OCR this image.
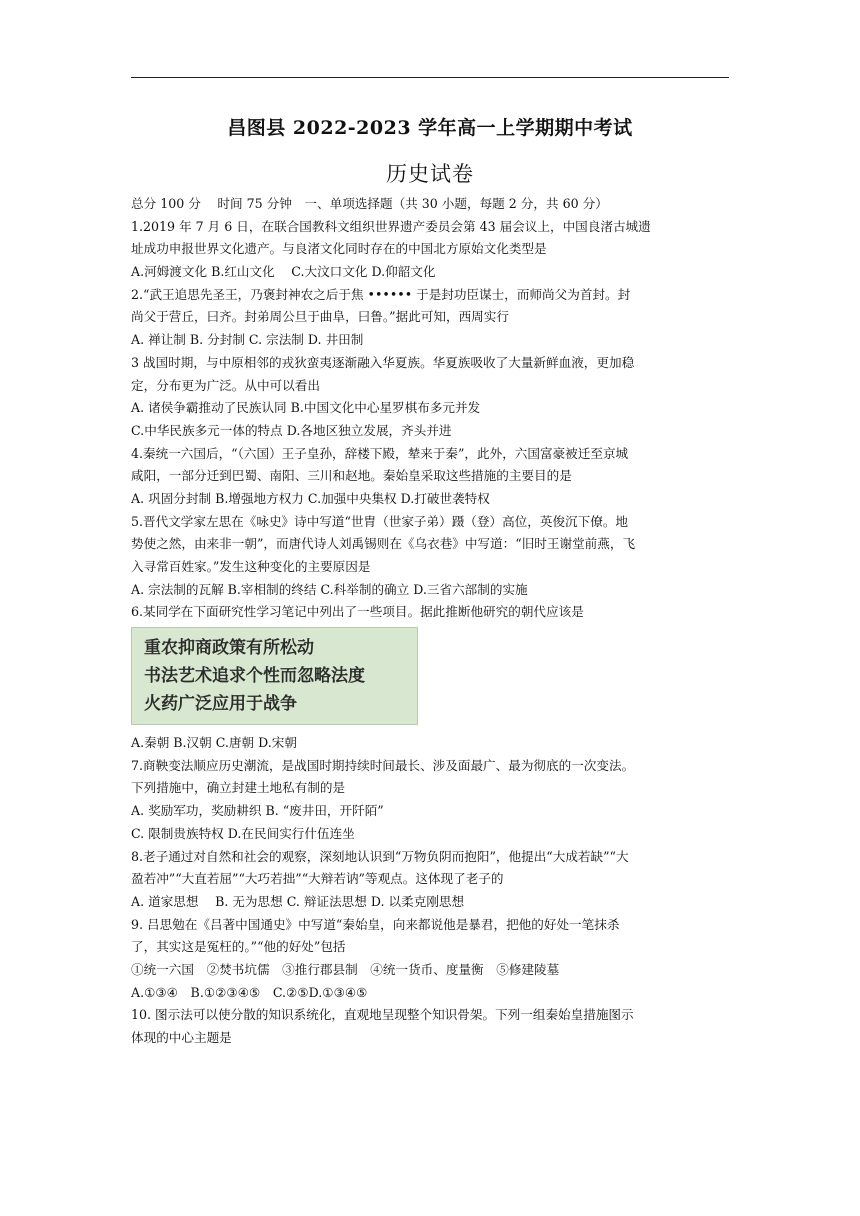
昌图县 2022-2023 学年高一上学期期中考试
历史试卷
总分 100 分　 时间 75 分钟　一、单项选择题（共 30 小题，每题 2 分，共 60 分）
1.2019 年 7 月 6 日，在联合国教科文组织世界遗产委员会第 43 届会议上，中国良渚古城遗
址成功申报世界文化遗产。与良渚文化同时存在的中国北方原始文化类型是
A.河姆渡文化 B.红山文化　 C.大汶口文化 D.仰韶文化
2.“武王追思先圣王，乃褒封神农之后于焦 •••••• 于是封功臣谋士，而师尚父为首封。封
尚父于营丘，曰齐。封弟周公旦于曲阜，曰鲁。”据此可知，西周实行
A. 禅让制 B. 分封制 C. 宗法制 D. 井田制
3 战国时期，与中原相邻的戎狄蛮夷逐渐融入华夏族。华夏族吸收了大量新鲜血液，更加稳
定，分布更为广泛。从中可以看出
A. 诸侯争霸推动了民族认同 B.中国文化中心星罗棋布多元并发
C.中华民族多元一体的特点 D.各地区独立发展，齐头并进
4.秦统一六国后，“（六国）王子皇孙，辞楼下殿，辇来于秦”，此外，六国富豪被迁至京城
咸阳，一部分迁到巴蜀、南阳、三川和赵地。秦始皇采取这些措施的主要目的是
A. 巩固分封制 B.增强地方权力 C.加强中央集权 D.打破世袭特权
5.晋代文学家左思在《咏史》诗中写道“世胄（世家子弟）蹑（登）高位，英俊沉下僚。地
势使之然，由来非一朝”，而唐代诗人刘禹锡则在《乌衣巷》中写道：“旧时王谢堂前燕，飞
入寻常百姓家。”发生这种变化的主要原因是
A. 宗法制的瓦解 B.宰相制的终结 C.科举制的确立 D.三省六部制的实施
6.某同学在下面研究性学习笔记中列出了一些项目。据此推断他研究的朝代应该是
重农抑商政策有所松动
书法艺术追求个性而忽略法度
火药广泛应用于战争
A.秦朝 B.汉朝 C.唐朝 D.宋朝
7.商鞅变法顺应历史潮流，是战国时期持续时间最长、涉及面最广、最为彻底的一次变法。
下列措施中，确立封建土地私有制的是
A. 奖励军功，奖励耕织 B. “废井田，开阡陌”
C. 限制贵族特权 D.在民间实行什伍连坐
8.老子通过对自然和社会的观察，深刻地认识到“万物负阴而抱阳”，他提出“大成若缺”“大
盈若冲”“大直若屈”“大巧若拙”“大辩若讷”等观点。这体现了老子的
A. 道家思想　 B. 无为思想 C. 辩证法思想 D. 以柔克刚思想
9. 吕思勉在《吕著中国通史》中写道“秦始皇，向来都说他是暴君，把他的好处一笔抹杀
了，其实这是冤枉的。”“他的好处”包括
①统一六国　②焚书坑儒　③推行郡县制　④统一货币、度量衡　⑤修建陵墓
A.①③④　B.①②③④⑤　C.②⑤D.①③④⑤
10. 图示法可以使分散的知识系统化，直观地呈现整个知识骨架。下列一组秦始皇措施图示
体现的中心主题是
